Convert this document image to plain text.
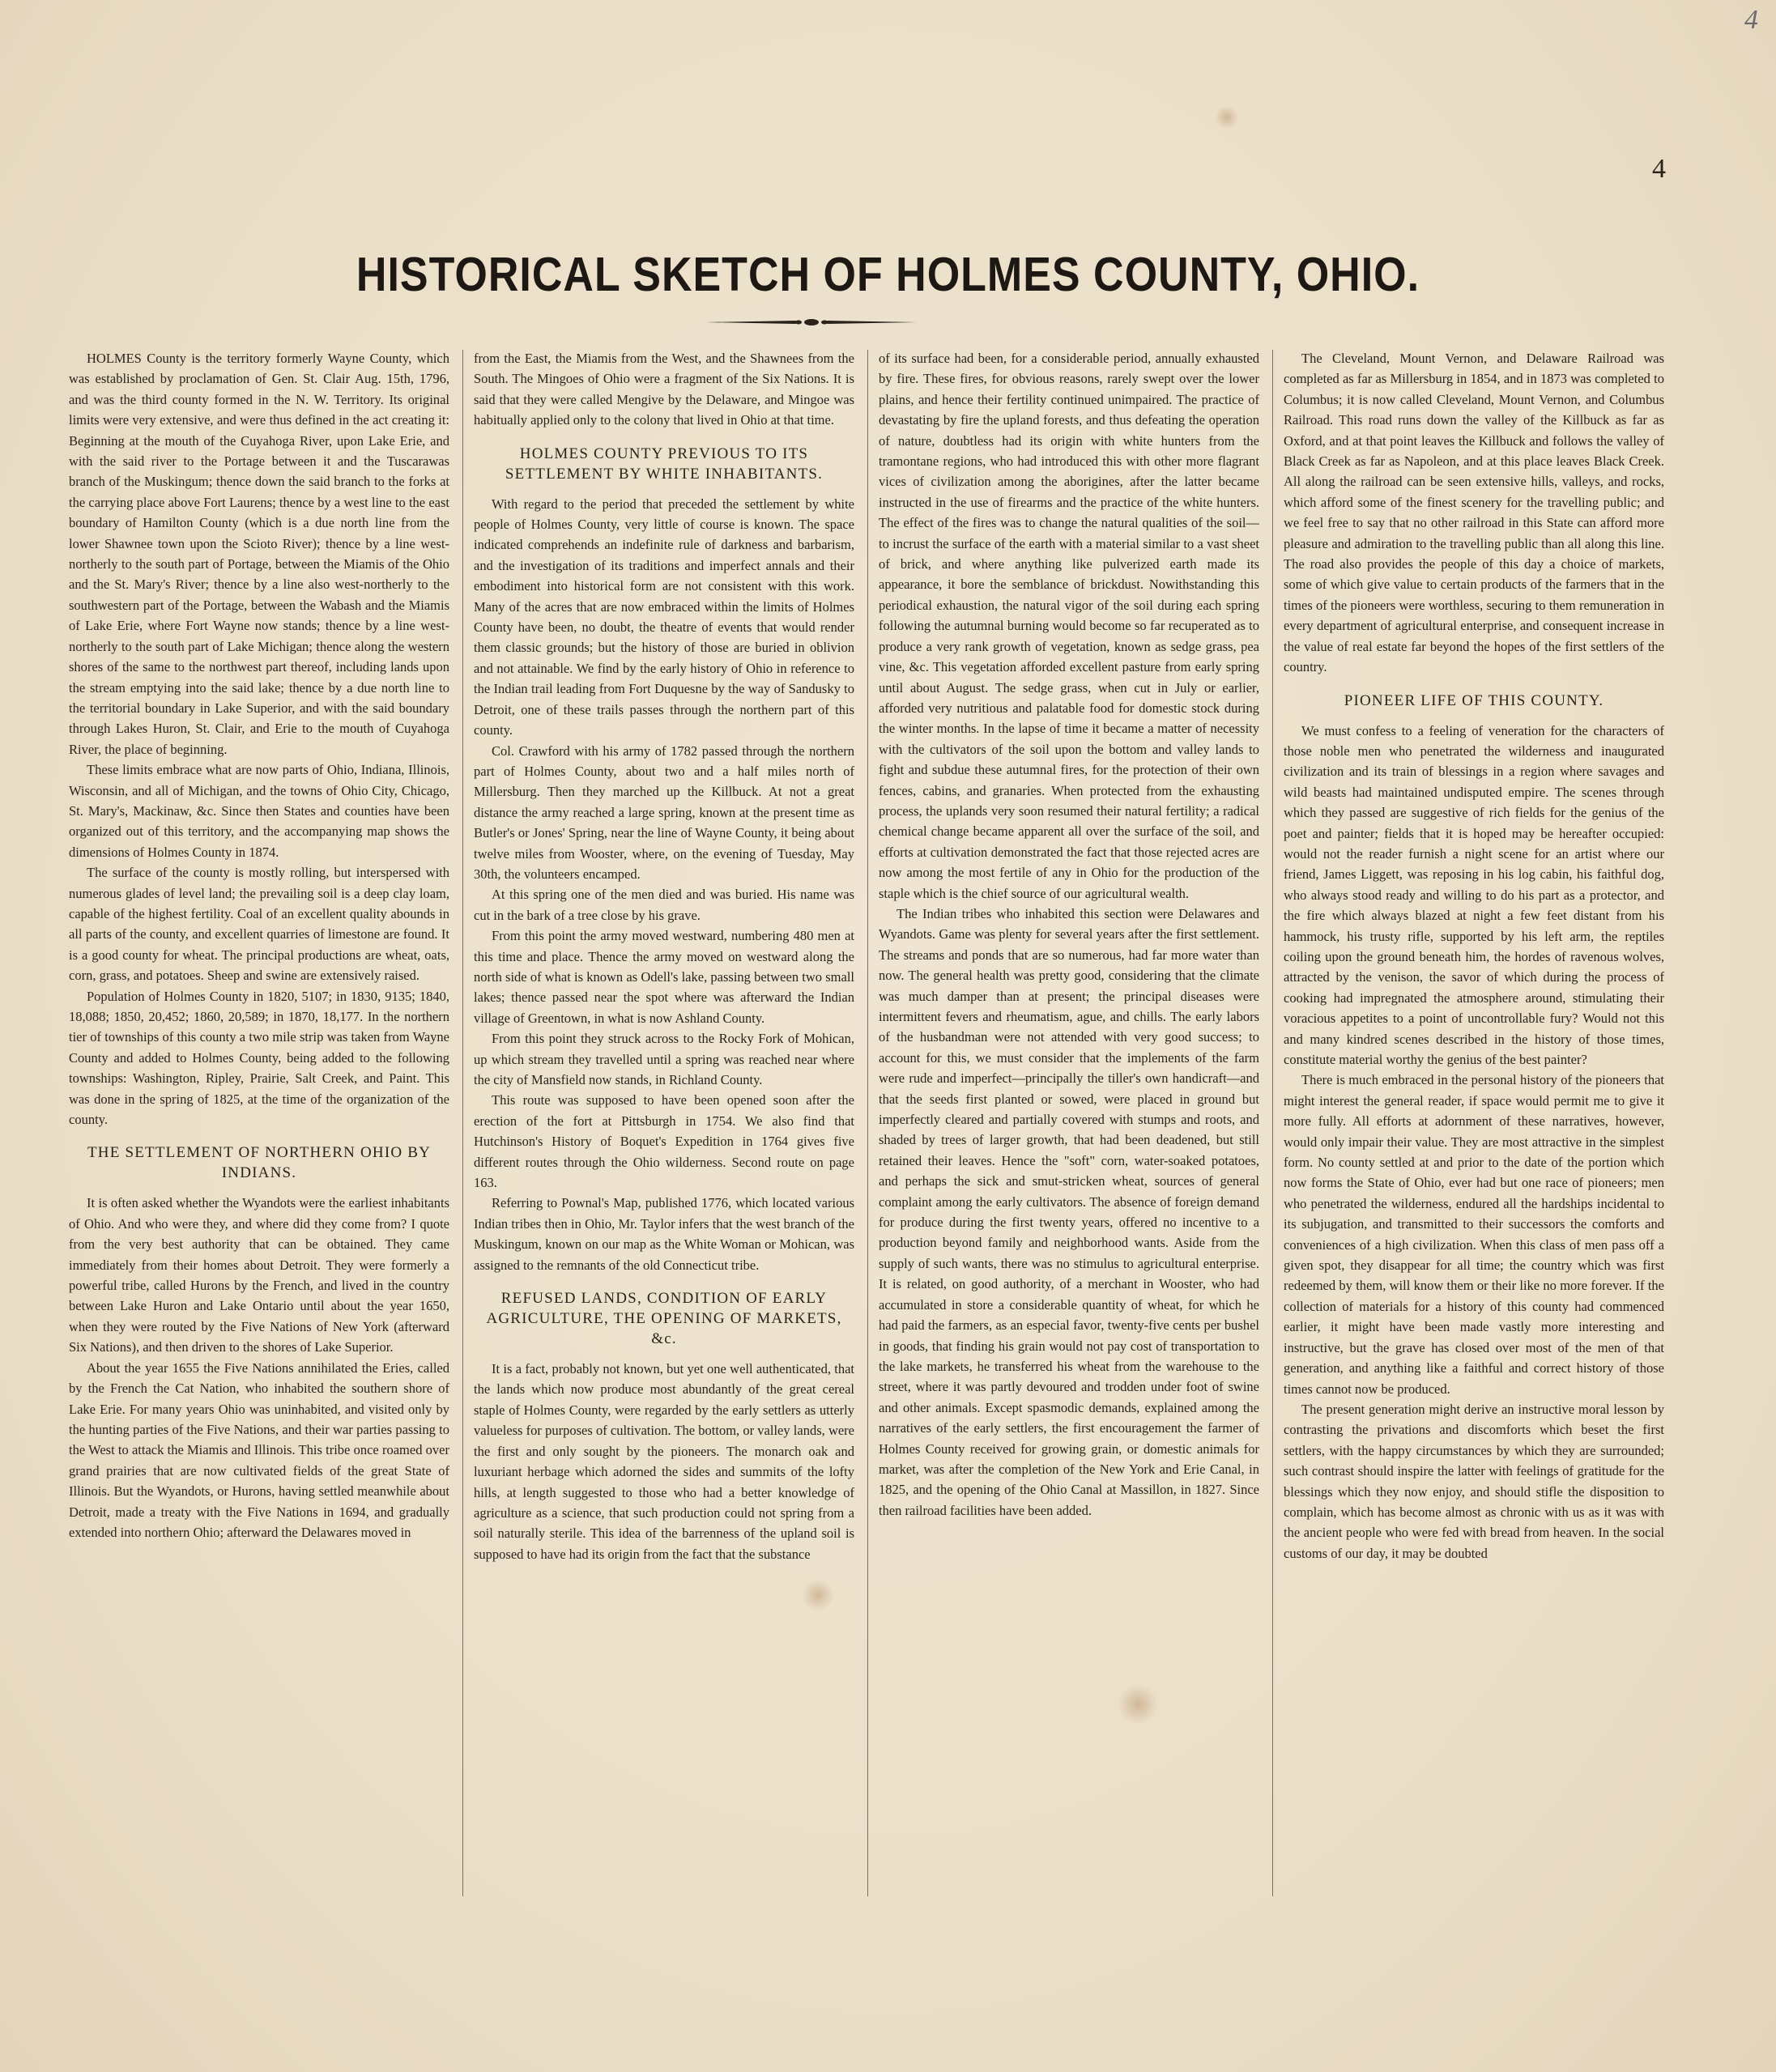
4
4
HISTORICAL SKETCH OF HOLMES COUNTY, OHIO.

HOLMES County is the territory formerly Wayne County, which was established by proclamation of Gen. St. Clair Aug. 15th, 1796, and was the third county formed in the N. W. Territory. Its original limits were very extensive, and were thus defined in the act creating it: Beginning at the mouth of the Cuyahoga River, upon Lake Erie, and with the said river to the Portage between it and the Tuscarawas branch of the Muskingum; thence down the said branch to the forks at the carrying place above Fort Laurens; thence by a west line to the east boundary of Hamilton County (which is a due north line from the lower Shawnee town upon the Scioto River); thence by a line west-northerly to the south part of Portage, between the Miamis of the Ohio and the St. Mary's River; thence by a line also west-northerly to the southwestern part of the Portage, between the Wabash and the Miamis of Lake Erie, where Fort Wayne now stands; thence by a line west-northerly to the south part of Lake Michigan; thence along the western shores of the same to the northwest part thereof, including lands upon the stream emptying into the said lake; thence by a due north line to the territorial boundary in Lake Superior, and with the said boundary through Lakes Huron, St. Clair, and Erie to the mouth of Cuyahoga River, the place of beginning.

These limits embrace what are now parts of Ohio, Indiana, Illinois, Wisconsin, and all of Michigan, and the towns of Ohio City, Chicago, St. Mary's, Mackinaw, &c. Since then States and counties have been organized out of this territory, and the accompanying map shows the dimensions of Holmes County in 1874.

The surface of the county is mostly rolling, but interspersed with numerous glades of level land; the prevailing soil is a deep clay loam, capable of the highest fertility. Coal of an excellent quality abounds in all parts of the county, and excellent quarries of limestone are found. It is a good county for wheat. The principal productions are wheat, oats, corn, grass, and potatoes. Sheep and swine are extensively raised.

Population of Holmes County in 1820, 5107; in 1830, 9135; 1840, 18,088; 1850, 20,452; 1860, 20,589; in 1870, 18,177. In the northern tier of townships of this county a two mile strip was taken from Wayne County and added to Holmes County, being added to the following townships: Washington, Ripley, Prairie, Salt Creek, and Paint. This was done in the spring of 1825, at the time of the organization of the county.

THE SETTLEMENT OF NORTHERN OHIO BY INDIANS.

It is often asked whether the Wyandots were the earliest inhabitants of Ohio. And who were they, and where did they come from? I quote from the very best authority that can be obtained. They came immediately from their homes about Detroit. They were formerly a powerful tribe, called Hurons by the French, and lived in the country between Lake Huron and Lake Ontario until about the year 1650, when they were routed by the Five Nations of New York (afterward Six Nations), and then driven to the shores of Lake Superior.

About the year 1655 the Five Nations annihilated the Eries, called by the French the Cat Nation, who inhabited the southern shore of Lake Erie. For many years Ohio was uninhabited, and visited only by the hunting parties of the Five Nations, and their war parties passing to the West to attack the Miamis and Illinois. This tribe once roamed over grand prairies that are now cultivated fields of the great State of Illinois. But the Wyandots, or Hurons, having settled meanwhile about Detroit, made a treaty with the Five Nations in 1694, and gradually extended into northern Ohio; afterward the Delawares moved in

from the East, the Miamis from the West, and the Shawnees from the South. The Mingoes of Ohio were a fragment of the Six Nations. It is said that they were called Mengive by the Delaware, and Mingoe was habitually applied only to the colony that lived in Ohio at that time.

HOLMES COUNTY PREVIOUS TO ITS SETTLEMENT BY WHITE INHABITANTS.

With regard to the period that preceded the settlement by white people of Holmes County, very little of course is known. The space indicated comprehends an indefinite rule of darkness and barbarism, and the investigation of its traditions and imperfect annals and their embodiment into historical form are not consistent with this work. Many of the acres that are now embraced within the limits of Holmes County have been, no doubt, the theatre of events that would render them classic grounds; but the history of those are buried in oblivion and not attainable. We find by the early history of Ohio in reference to the Indian trail leading from Fort Duquesne by the way of Sandusky to Detroit, one of these trails passes through the northern part of this county.

Col. Crawford with his army of 1782 passed through the northern part of Holmes County, about two and a half miles north of Millersburg. Then they marched up the Killbuck. At not a great distance the army reached a large spring, known at the present time as Butler's or Jones' Spring, near the line of Wayne County, it being about twelve miles from Wooster, where, on the evening of Tuesday, May 30th, the volunteers encamped.

At this spring one of the men died and was buried. His name was cut in the bark of a tree close by his grave.

From this point the army moved westward, numbering 480 men at this time and place. Thence the army moved on westward along the north side of what is known as Odell's lake, passing between two small lakes; thence passed near the spot where was afterward the Indian village of Greentown, in what is now Ashland County.

From this point they struck across to the Rocky Fork of Mohican, up which stream they travelled until a spring was reached near where the city of Mansfield now stands, in Richland County.

This route was supposed to have been opened soon after the erection of the fort at Pittsburgh in 1754. We also find that Hutchinson's History of Boquet's Expedition in 1764 gives five different routes through the Ohio wilderness. Second route on page 163.

Referring to Pownal's Map, published 1776, which located various Indian tribes then in Ohio, Mr. Taylor infers that the west branch of the Muskingum, known on our map as the White Woman or Mohican, was assigned to the remnants of the old Connecticut tribe.

REFUSED LANDS, CONDITION OF EARLY AGRICULTURE, THE OPENING OF MARKETS, &c.

It is a fact, probably not known, but yet one well authenticated, that the lands which now produce most abundantly of the great cereal staple of Holmes County, were regarded by the early settlers as utterly valueless for purposes of cultivation. The bottom, or valley lands, were the first and only sought by the pioneers. The monarch oak and luxuriant herbage which adorned the sides and summits of the lofty hills, at length suggested to those who had a better knowledge of agriculture as a science, that such production could not spring from a soil naturally sterile. This idea of the barrenness of the upland soil is supposed to have had its origin from the fact that the substance

of its surface had been, for a considerable period, annually exhausted by fire. These fires, for obvious reasons, rarely swept over the lower plains, and hence their fertility continued unimpaired. The practice of devastating by fire the upland forests, and thus defeating the operation of nature, doubtless had its origin with white hunters from the tramontane regions, who had introduced this with other more flagrant vices of civilization among the aborigines, after the latter became instructed in the use of firearms and the practice of the white hunters. The effect of the fires was to change the natural qualities of the soil—to incrust the surface of the earth with a material similar to a vast sheet of brick, and where anything like pulverized earth made its appearance, it bore the semblance of brickdust. Nowithstanding this periodical exhaustion, the natural vigor of the soil during each spring following the autumnal burning would become so far recuperated as to produce a very rank growth of vegetation, known as sedge grass, pea vine, &c. This vegetation afforded excellent pasture from early spring until about August. The sedge grass, when cut in July or earlier, afforded very nutritious and palatable food for domestic stock during the winter months. In the lapse of time it became a matter of necessity with the cultivators of the soil upon the bottom and valley lands to fight and subdue these autumnal fires, for the protection of their own fences, cabins, and granaries. When protected from the exhausting process, the uplands very soon resumed their natural fertility; a radical chemical change became apparent all over the surface of the soil, and efforts at cultivation demonstrated the fact that those rejected acres are now among the most fertile of any in Ohio for the production of the staple which is the chief source of our agricultural wealth.

The Indian tribes who inhabited this section were Delawares and Wyandots. Game was plenty for several years after the first settlement. The streams and ponds that are so numerous, had far more water than now. The general health was pretty good, considering that the climate was much damper than at present; the principal diseases were intermittent fevers and rheumatism, ague, and chills. The early labors of the husbandman were not attended with very good success; to account for this, we must consider that the implements of the farm were rude and imperfect—principally the tiller's own handicraft—and that the seeds first planted or sowed, were placed in ground but imperfectly cleared and partially covered with stumps and roots, and shaded by trees of larger growth, that had been deadened, but still retained their leaves. Hence the "soft" corn, water-soaked potatoes, and perhaps the sick and smut-stricken wheat, sources of general complaint among the early cultivators. The absence of foreign demand for produce during the first twenty years, offered no incentive to a production beyond family and neighborhood wants. Aside from the supply of such wants, there was no stimulus to agricultural enterprise. It is related, on good authority, of a merchant in Wooster, who had accumulated in store a considerable quantity of wheat, for which he had paid the farmers, as an especial favor, twenty-five cents per bushel in goods, that finding his grain would not pay cost of transportation to the lake markets, he transferred his wheat from the warehouse to the street, where it was partly devoured and trodden under foot of swine and other animals. Except spasmodic demands, explained among the narratives of the early settlers, the first encouragement the farmer of Holmes County received for growing grain, or domestic animals for market, was after the completion of the New York and Erie Canal, in 1825, and the opening of the Ohio Canal at Massillon, in 1827. Since then railroad facilities have been added.

The Cleveland, Mount Vernon, and Delaware Railroad was completed as far as Millersburg in 1854, and in 1873 was completed to Columbus; it is now called Cleveland, Mount Vernon, and Columbus Railroad. This road runs down the valley of the Killbuck as far as Oxford, and at that point leaves the Killbuck and follows the valley of Black Creek as far as Napoleon, and at this place leaves Black Creek. All along the railroad can be seen extensive hills, valleys, and rocks, which afford some of the finest scenery for the travelling public; and we feel free to say that no other railroad in this State can afford more pleasure and admiration to the travelling public than all along this line. The road also provides the people of this day a choice of markets, some of which give value to certain products of the farmers that in the times of the pioneers were worthless, securing to them remuneration in every department of agricultural enterprise, and consequent increase in the value of real estate far beyond the hopes of the first settlers of the country.

PIONEER LIFE OF THIS COUNTY.

We must confess to a feeling of veneration for the characters of those noble men who penetrated the wilderness and inaugurated civilization and its train of blessings in a region where savages and wild beasts had maintained undisputed empire. The scenes through which they passed are suggestive of rich fields for the genius of the poet and painter; fields that it is hoped may be hereafter occupied: would not the reader furnish a night scene for an artist where our friend, James Liggett, was reposing in his log cabin, his faithful dog, who always stood ready and willing to do his part as a protector, and the fire which always blazed at night a few feet distant from his hammock, his trusty rifle, supported by his left arm, the reptiles coiling upon the ground beneath him, the hordes of ravenous wolves, attracted by the venison, the savor of which during the process of cooking had impregnated the atmosphere around, stimulating their voracious appetites to a point of uncontrollable fury? Would not this and many kindred scenes described in the history of those times, constitute material worthy the genius of the best painter?

There is much embraced in the personal history of the pioneers that might interest the general reader, if space would permit me to give it more fully. All efforts at adornment of these narratives, however, would only impair their value. They are most attractive in the simplest form. No county settled at and prior to the date of the portion which now forms the State of Ohio, ever had but one race of pioneers; men who penetrated the wilderness, endured all the hardships incidental to its subjugation, and transmitted to their successors the comforts and conveniences of a high civilization. When this class of men pass off a given spot, they disappear for all time; the country which was first redeemed by them, will know them or their like no more forever. If the collection of materials for a history of this county had commenced earlier, it might have been made vastly more interesting and instructive, but the grave has closed over most of the men of that generation, and anything like a faithful and correct history of those times cannot now be produced.

The present generation might derive an instructive moral lesson by contrasting the privations and discomforts which beset the first settlers, with the happy circumstances by which they are surrounded; such contrast should inspire the latter with feelings of gratitude for the blessings which they now enjoy, and should stifle the disposition to complain, which has become almost as chronic with us as it was with the ancient people who were fed with bread from heaven. In the social customs of our day, it may be doubted
